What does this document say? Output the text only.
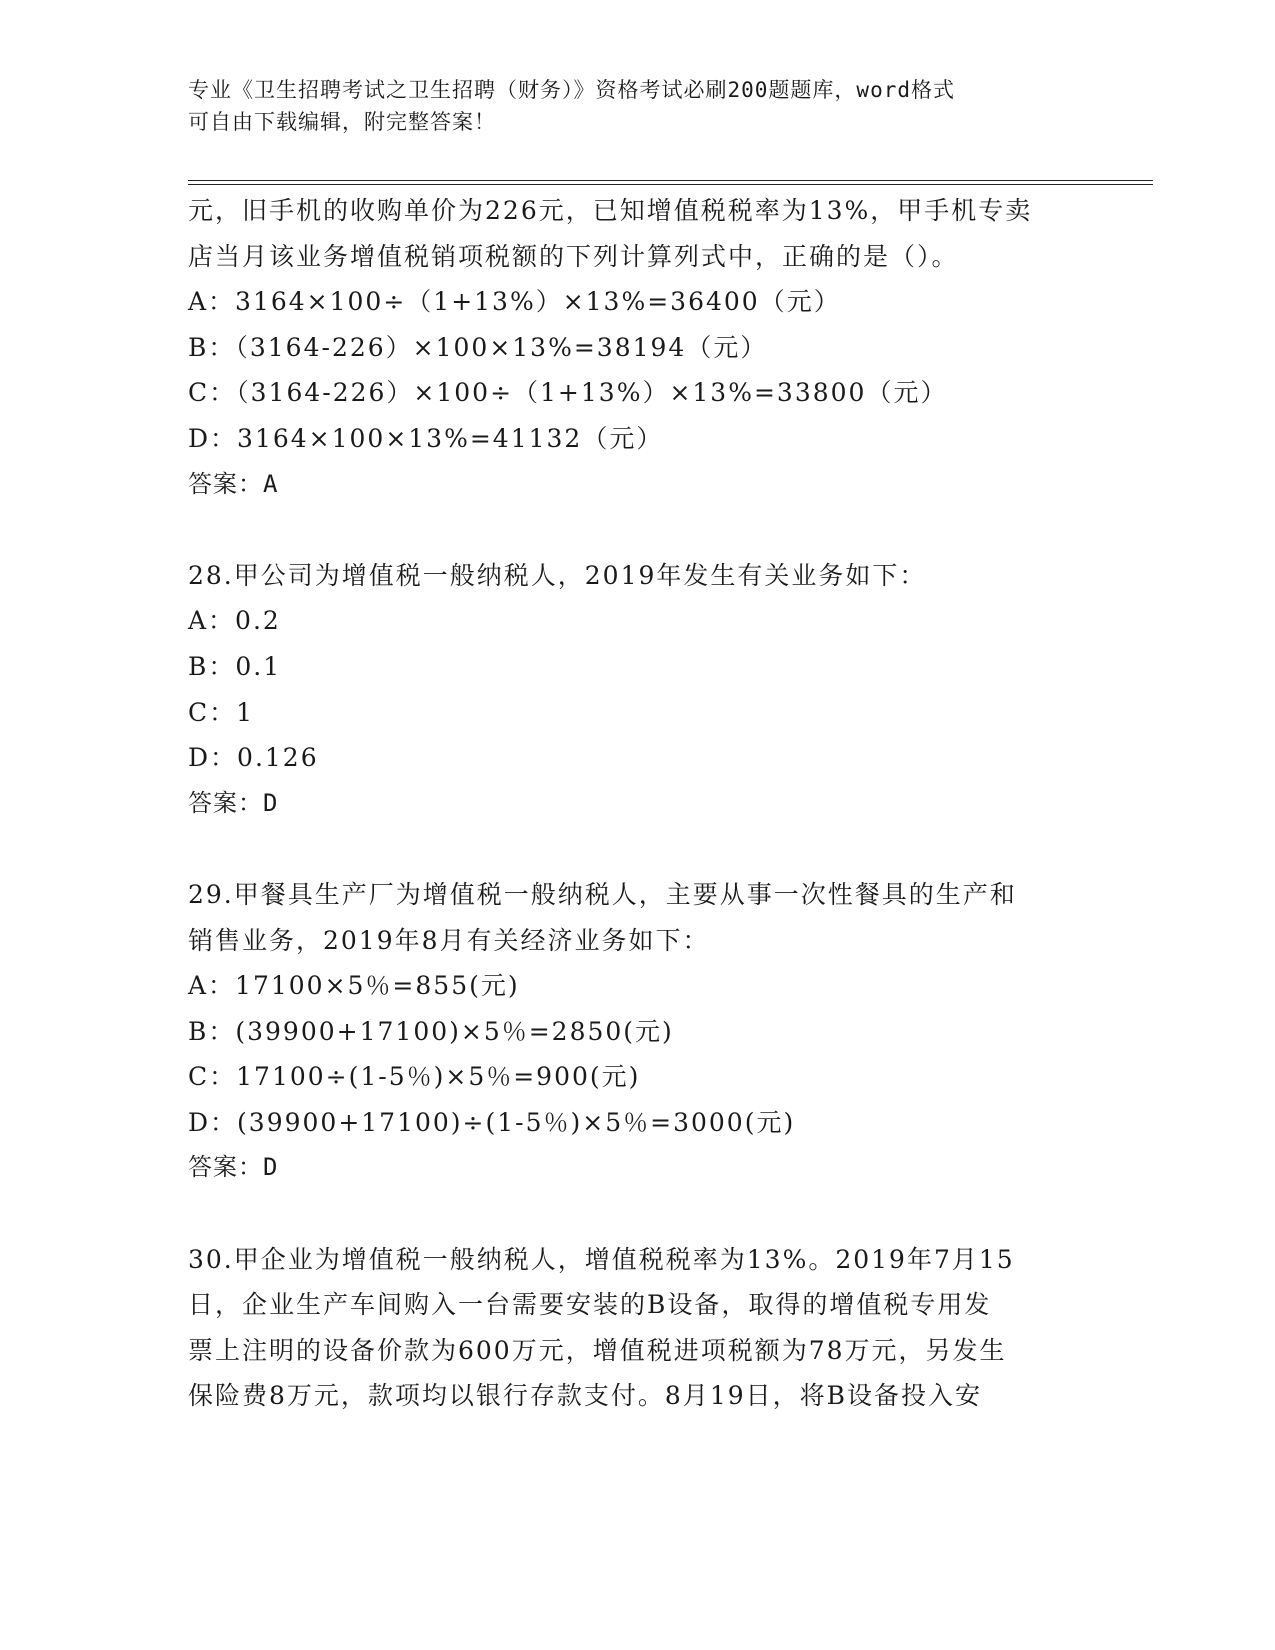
专业《卫生招聘考试之卫生招聘（财务）》资格考试必刷200题题库，word格式
可自由下载编辑，附完整答案！
元，旧手机的收购单价为226元，已知增值税税率为13%，甲手机专卖
店当月该业务增值税销项税额的下列计算列式中，正确的是（）。
A：3164×100÷（1+13%）×13%=36400（元）
B：（3164-226）×100×13%=38194（元）
C：（3164-226）×100÷（1+13%）×13%=33800（元）
D：3164×100×13%=41132（元）
答案：A
28.甲公司为增值税一般纳税人，2019年发生有关业务如下：
A：0.2
B：0.1
C：1
D：0.126
答案：D
29.甲餐具生产厂为增值税一般纳税人，主要从事一次性餐具的生产和
销售业务，2019年8月有关经济业务如下：
A：17100×5％=855(元)
B：(39900+17100)×5％=2850(元)
C：17100÷(1-5％)×5％=900(元)
D：(39900+17100)÷(1-5％)×5％=3000(元)
答案：D
30.甲企业为增值税一般纳税人，增值税税率为13%。2019年7月15
日，企业生产车间购入一台需要安装的B设备，取得的增值税专用发
票上注明的设备价款为600万元，增值税进项税额为78万元，另发生
保险费8万元，款项均以银行存款支付。8月19日，将B设备投入安
